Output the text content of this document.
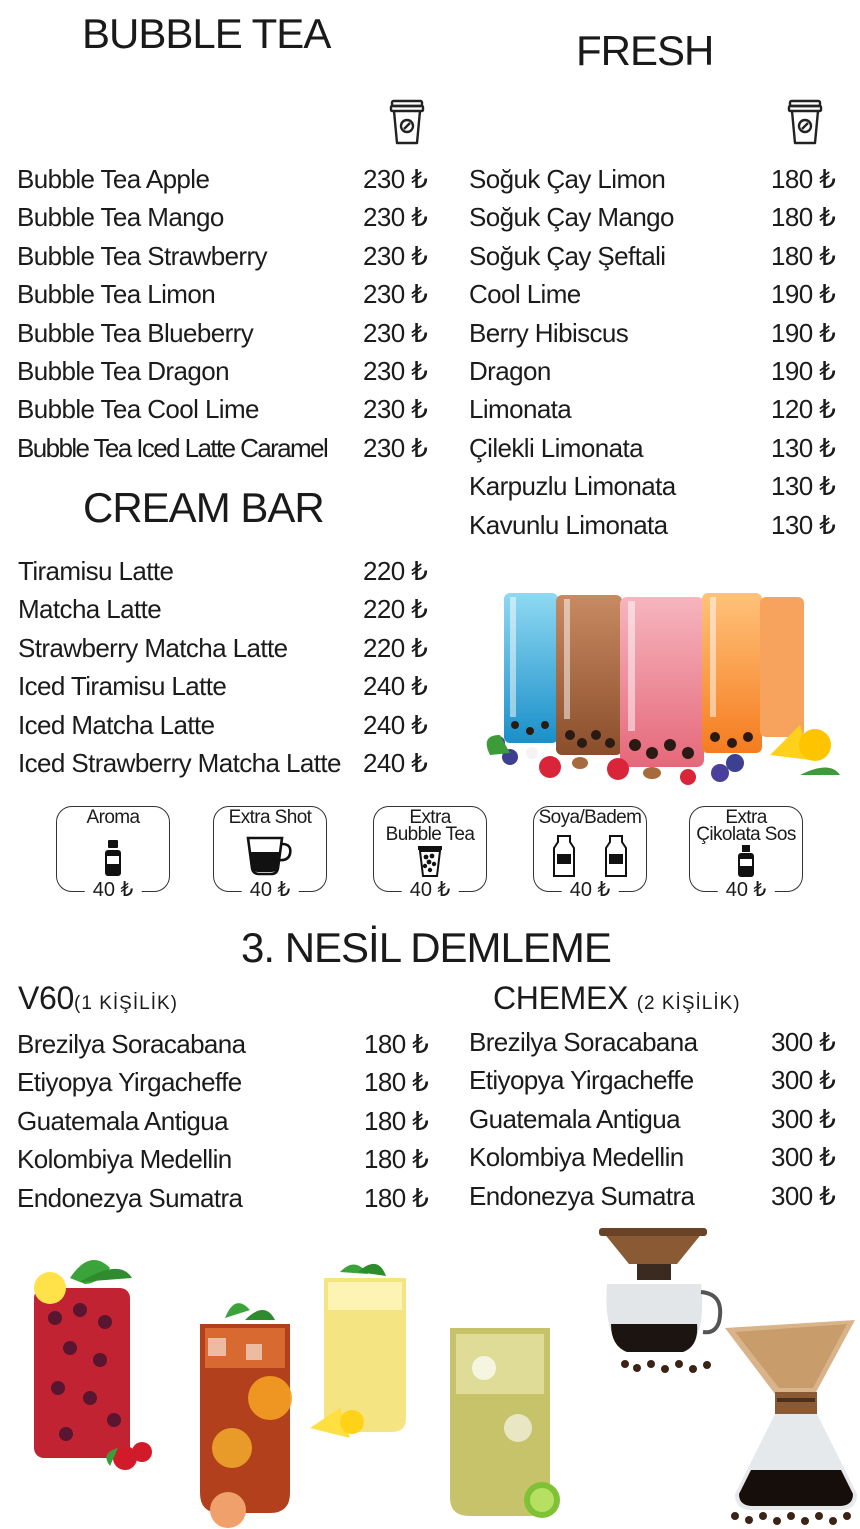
BUBBLE TEA	FRESH
CREAM BAR
3. NESİL DEMLEME
Bubble Tea Apple	230 ₺
Bubble Tea Mango	230 ₺
Bubble Tea Strawberry	230 ₺
Bubble Tea Limon	230 ₺
Bubble Tea Blueberry	230 ₺
Bubble Tea Dragon	230 ₺
Bubble Tea Cool Lime	230 ₺
Bubble Tea Iced Latte Caramel 230 ₺
Soğuk Çay Limon	180 ₺
Soğuk Çay Mango	180 ₺
Soğuk Çay Şeftali	180 ₺
Cool Lime	190 ₺
Berry Hibiscus	190 ₺
Dragon	190 ₺
Limonata	120 ₺
Çilekli Limonata	130 ₺
Karpuzlu Limonata	130 ₺
Kavunlu Limonata	130 ₺
Tiramisu Latte	220 ₺
Matcha Latte	220 ₺
Strawberry Matcha Latte	220 ₺
Iced Tiramisu Latte	240 ₺
Iced Matcha Latte	240 ₺
Iced Strawberry Matcha Latte 240 ₺
Brezilya Soracabana	180 ₺
Etiyopya Yirgacheffe	180 ₺
Guatemala Antigua	180 ₺
Kolombiya Medellin	180 ₺
Endonezya Sumatra	180 ₺
Brezilya Soracabana	300 ₺
Etiyopya Yirgacheffe	300 ₺
Guatemala Antigua	300 ₺
Kolombiya Medellin	300 ₺
Endonezya Sumatra	300 ₺
V60(1 KİŞİLİK)	CHEMEX (2 KİŞİLİK)
Aroma
40 ₺
Extra Shot
40 ₺
Extra
Bubble Tea
40 ₺
Soya/Badem
40 ₺
Extra
Çikolata Sos
40 ₺
